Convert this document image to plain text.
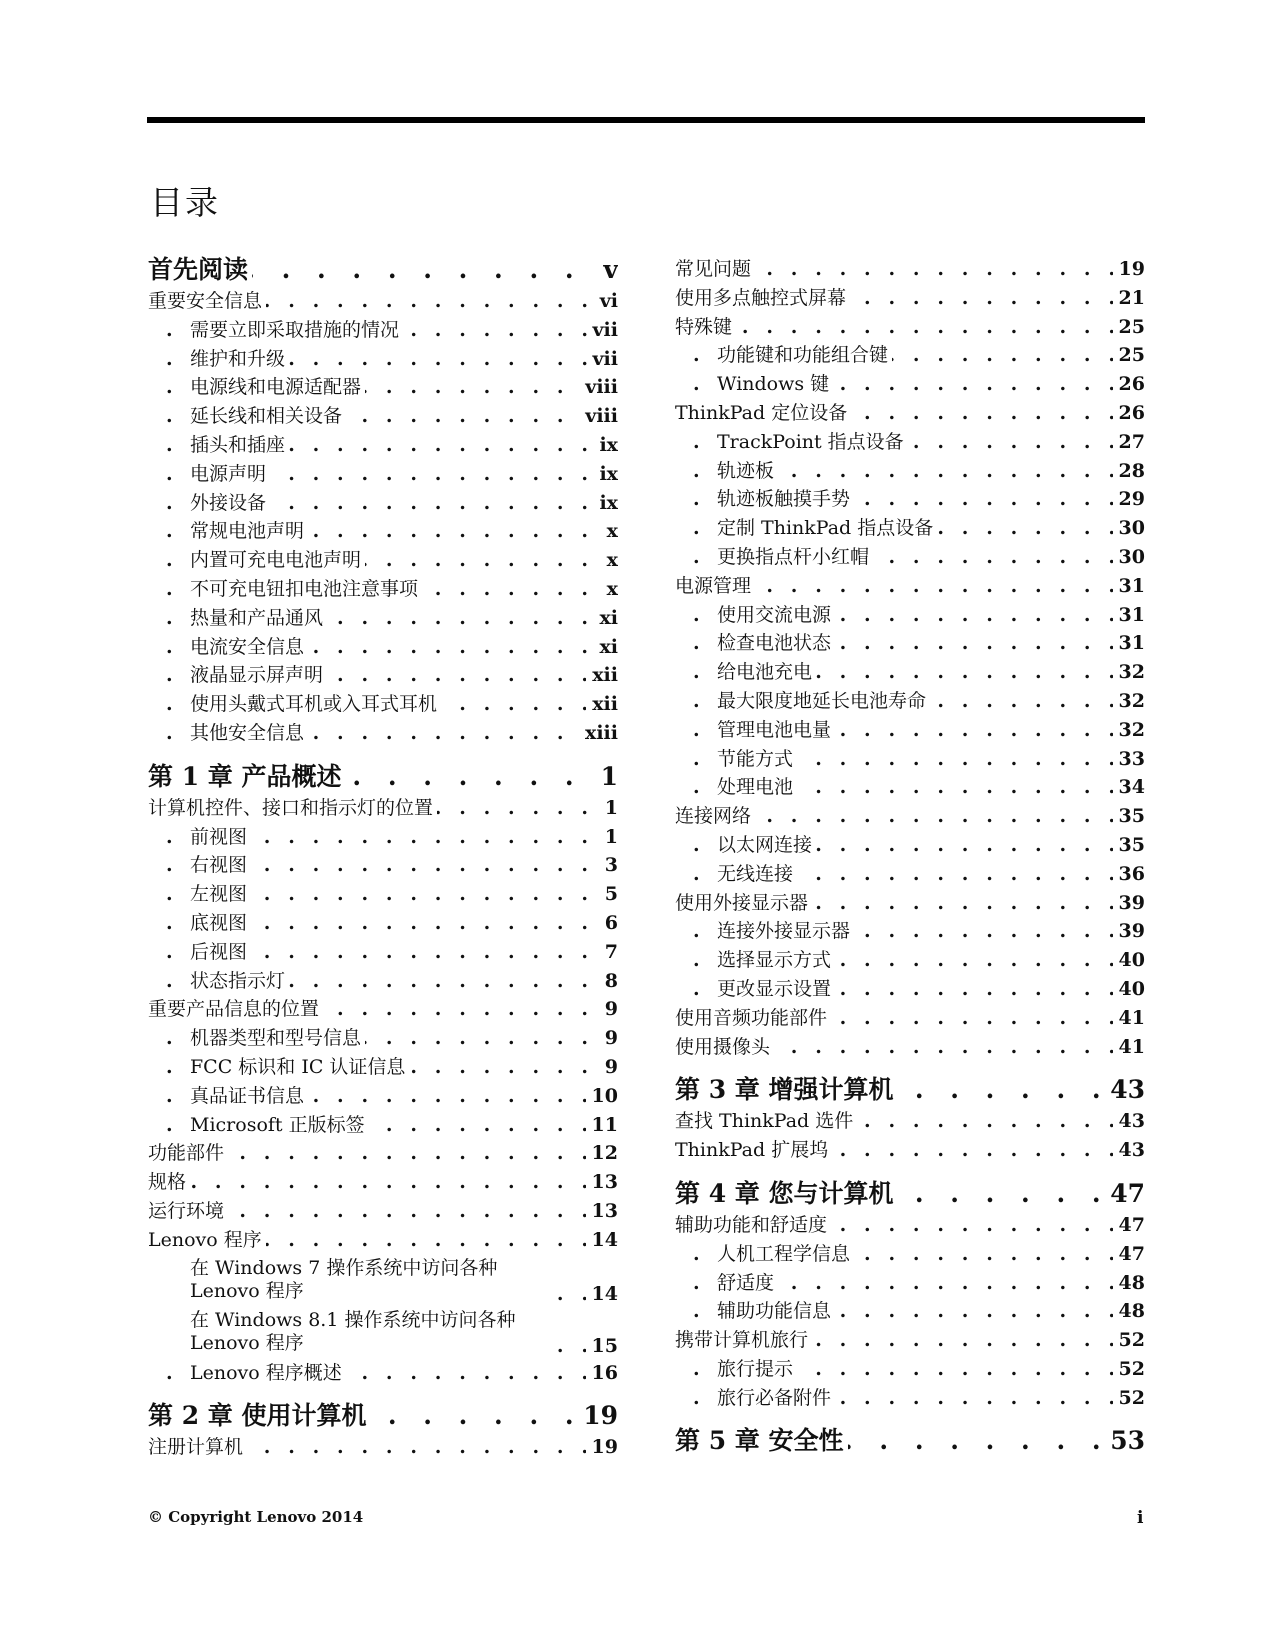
目录
首先阅读	v
. . .
重要安全信息	vi
. . .
需要立即采取措施的情况	vii
. . .
维护和升级	vii
. . .
电源线和电源适配器	viii
. . .
延长线和相关设备	viii
. . .
插头和插座	ix
. . .
电源声明	ix
. . .
外接设备	ix
. . .
常规电池声明	x
. . .
内置可充电电池声明	x
. . .
不可充电钮扣电池注意事项	x
. . .
热量和产品通风	xi
. . .
电流安全信息	xi
. . .
液晶显示屏声明	xii
. . .
使用头戴式耳机或入耳式耳机	xii
. . .
其他安全信息	xiii
. . .
第 1 章 产品概述	1
. . .
计算机控件、接口和指示灯的位置	1
. . .
前视图	1
. . .
右视图	3
. . .
左视图	5
. . .
底视图	6
. . .
后视图	7
. . .
状态指示灯	8
. . .
重要产品信息的位置	9
. . .
机器类型和型号信息	9
. . .
FCC 标识和 IC 认证信息	9
. . .
真品证书信息	10
. . .
Microsoft 正版标签	11
. . .
功能部件	12
. . .
规格	13
. . .
运行环境	13
. . .
Lenovo 程序	14
. . .
在 Windows 7 操作系统中访问各种 Lenovo 程序	14
. . .
在 Windows 8.1 操作系统中访问各种 Lenovo 程序	15
. . .
Lenovo 程序概述	16
. . .
第 2 章 使用计算机	19
. . .
注册计算机	19
. . .
常见问题	19
. . .
使用多点触控式屏幕	21
. . .
特殊键	25
. . .
功能键和功能组合键	25
. . .
Windows 键	26
. . .
ThinkPad 定位设备	26
. . .
TrackPoint 指点设备	27
. . .
轨迹板	28
. . .
轨迹板触摸手势	29
. . .
定制 ThinkPad 指点设备	30
. . .
更换指点杆小红帽	30
. . .
电源管理	31
. . .
使用交流电源	31
. . .
检查电池状态	31
. . .
给电池充电	32
. . .
最大限度地延长电池寿命	32
. . .
管理电池电量	32
. . .
节能方式	33
. . .
处理电池	34
. . .
连接网络	35
. . .
以太网连接	35
. . .
无线连接	36
. . .
使用外接显示器	39
. . .
连接外接显示器	39
. . .
选择显示方式	40
. . .
更改显示设置	40
. . .
使用音频功能部件	41
. . .
使用摄像头	41
. . .
第 3 章 增强计算机	43
. . .
查找 ThinkPad 选件	43
. . .
ThinkPad 扩展坞	43
. . .
第 4 章 您与计算机	47
. . .
辅助功能和舒适度	47
. . .
人机工程学信息	47
. . .
舒适度	48
. . .
辅助功能信息	48
. . .
携带计算机旅行	52
. . .
旅行提示	52
. . .
旅行必备附件	52
. . .
第 5 章 安全性	53
. . .
© Copyright Lenovo 2014	i
